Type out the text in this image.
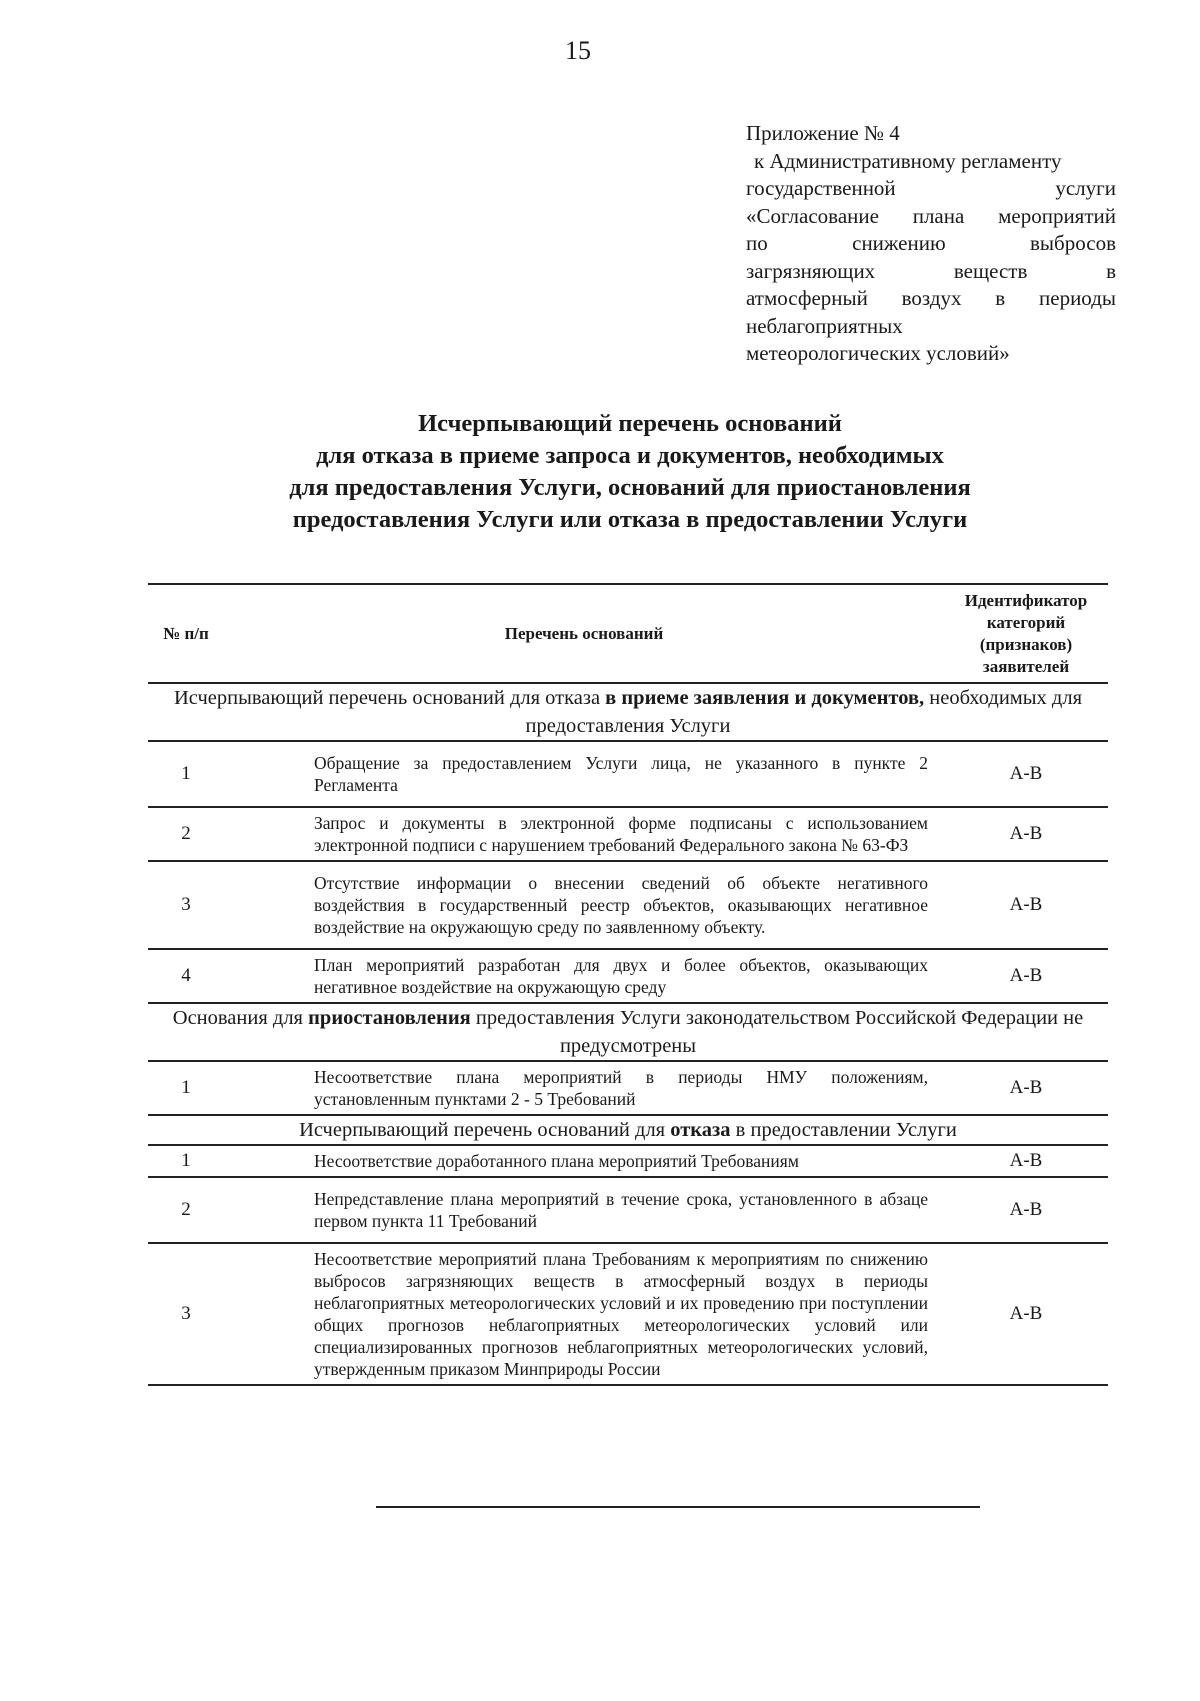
15
Приложение № 4
к Административному регламенту
государственной услуги
«Согласование плана мероприятий
по снижению выбросов
загрязняющих веществ в
атмосферный воздух в периоды
неблагоприятных
метеорологических условий»
Исчерпывающий перечень оснований
для отказа в приеме запроса и документов, необходимых
для предоставления Услуги, оснований для приостановления
предоставления Услуги или отказа в предоставлении Услуги
№ п/п	Перечень оснований	Идентификатор категорий (признаков) заявителей
Исчерпывающий перечень оснований для отказа в приеме заявления и документов, необходимых для предоставления Услуги		
1	Обращение за предоставлением Услуги лица, не указанного в пункте 2 Регламента	А-В
2	Запрос и документы в электронной форме подписаны с использованием электронной подписи с нарушением требований Федерального закона № 63-ФЗ	А-В
3	Отсутствие информации о внесении сведений об объекте негативного воздействия в государственный реестр объектов, оказывающих негативное воздействие на окружающую среду по заявленному объекту.	А-В
4	План мероприятий разработан для двух и более объектов, оказывающих негативное воздействие на окружающую среду	А-В
Основания для приостановления предоставления Услуги законодательством Российской Федерации не предусмотрены		
1	Несоответствие плана мероприятий в периоды НМУ положениям, установленным пунктами 2 - 5 Требований	А-В
Исчерпывающий перечень оснований для отказа в предоставлении Услуги		
1	Несоответствие доработанного плана мероприятий Требованиям	А-В
2	Непредставление плана мероприятий в течение срока, установленного в абзаце первом пункта 11 Требований	А-В
3	Несоответствие мероприятий плана Требованиям к мероприятиям по снижению выбросов загрязняющих веществ в атмосферный воздух в периоды неблагоприятных метеорологических условий и их проведению при поступлении общих прогнозов неблагоприятных метеорологических условий или специализированных прогнозов неблагоприятных метеорологических условий, утвержденным приказом Минприроды России	А-В
